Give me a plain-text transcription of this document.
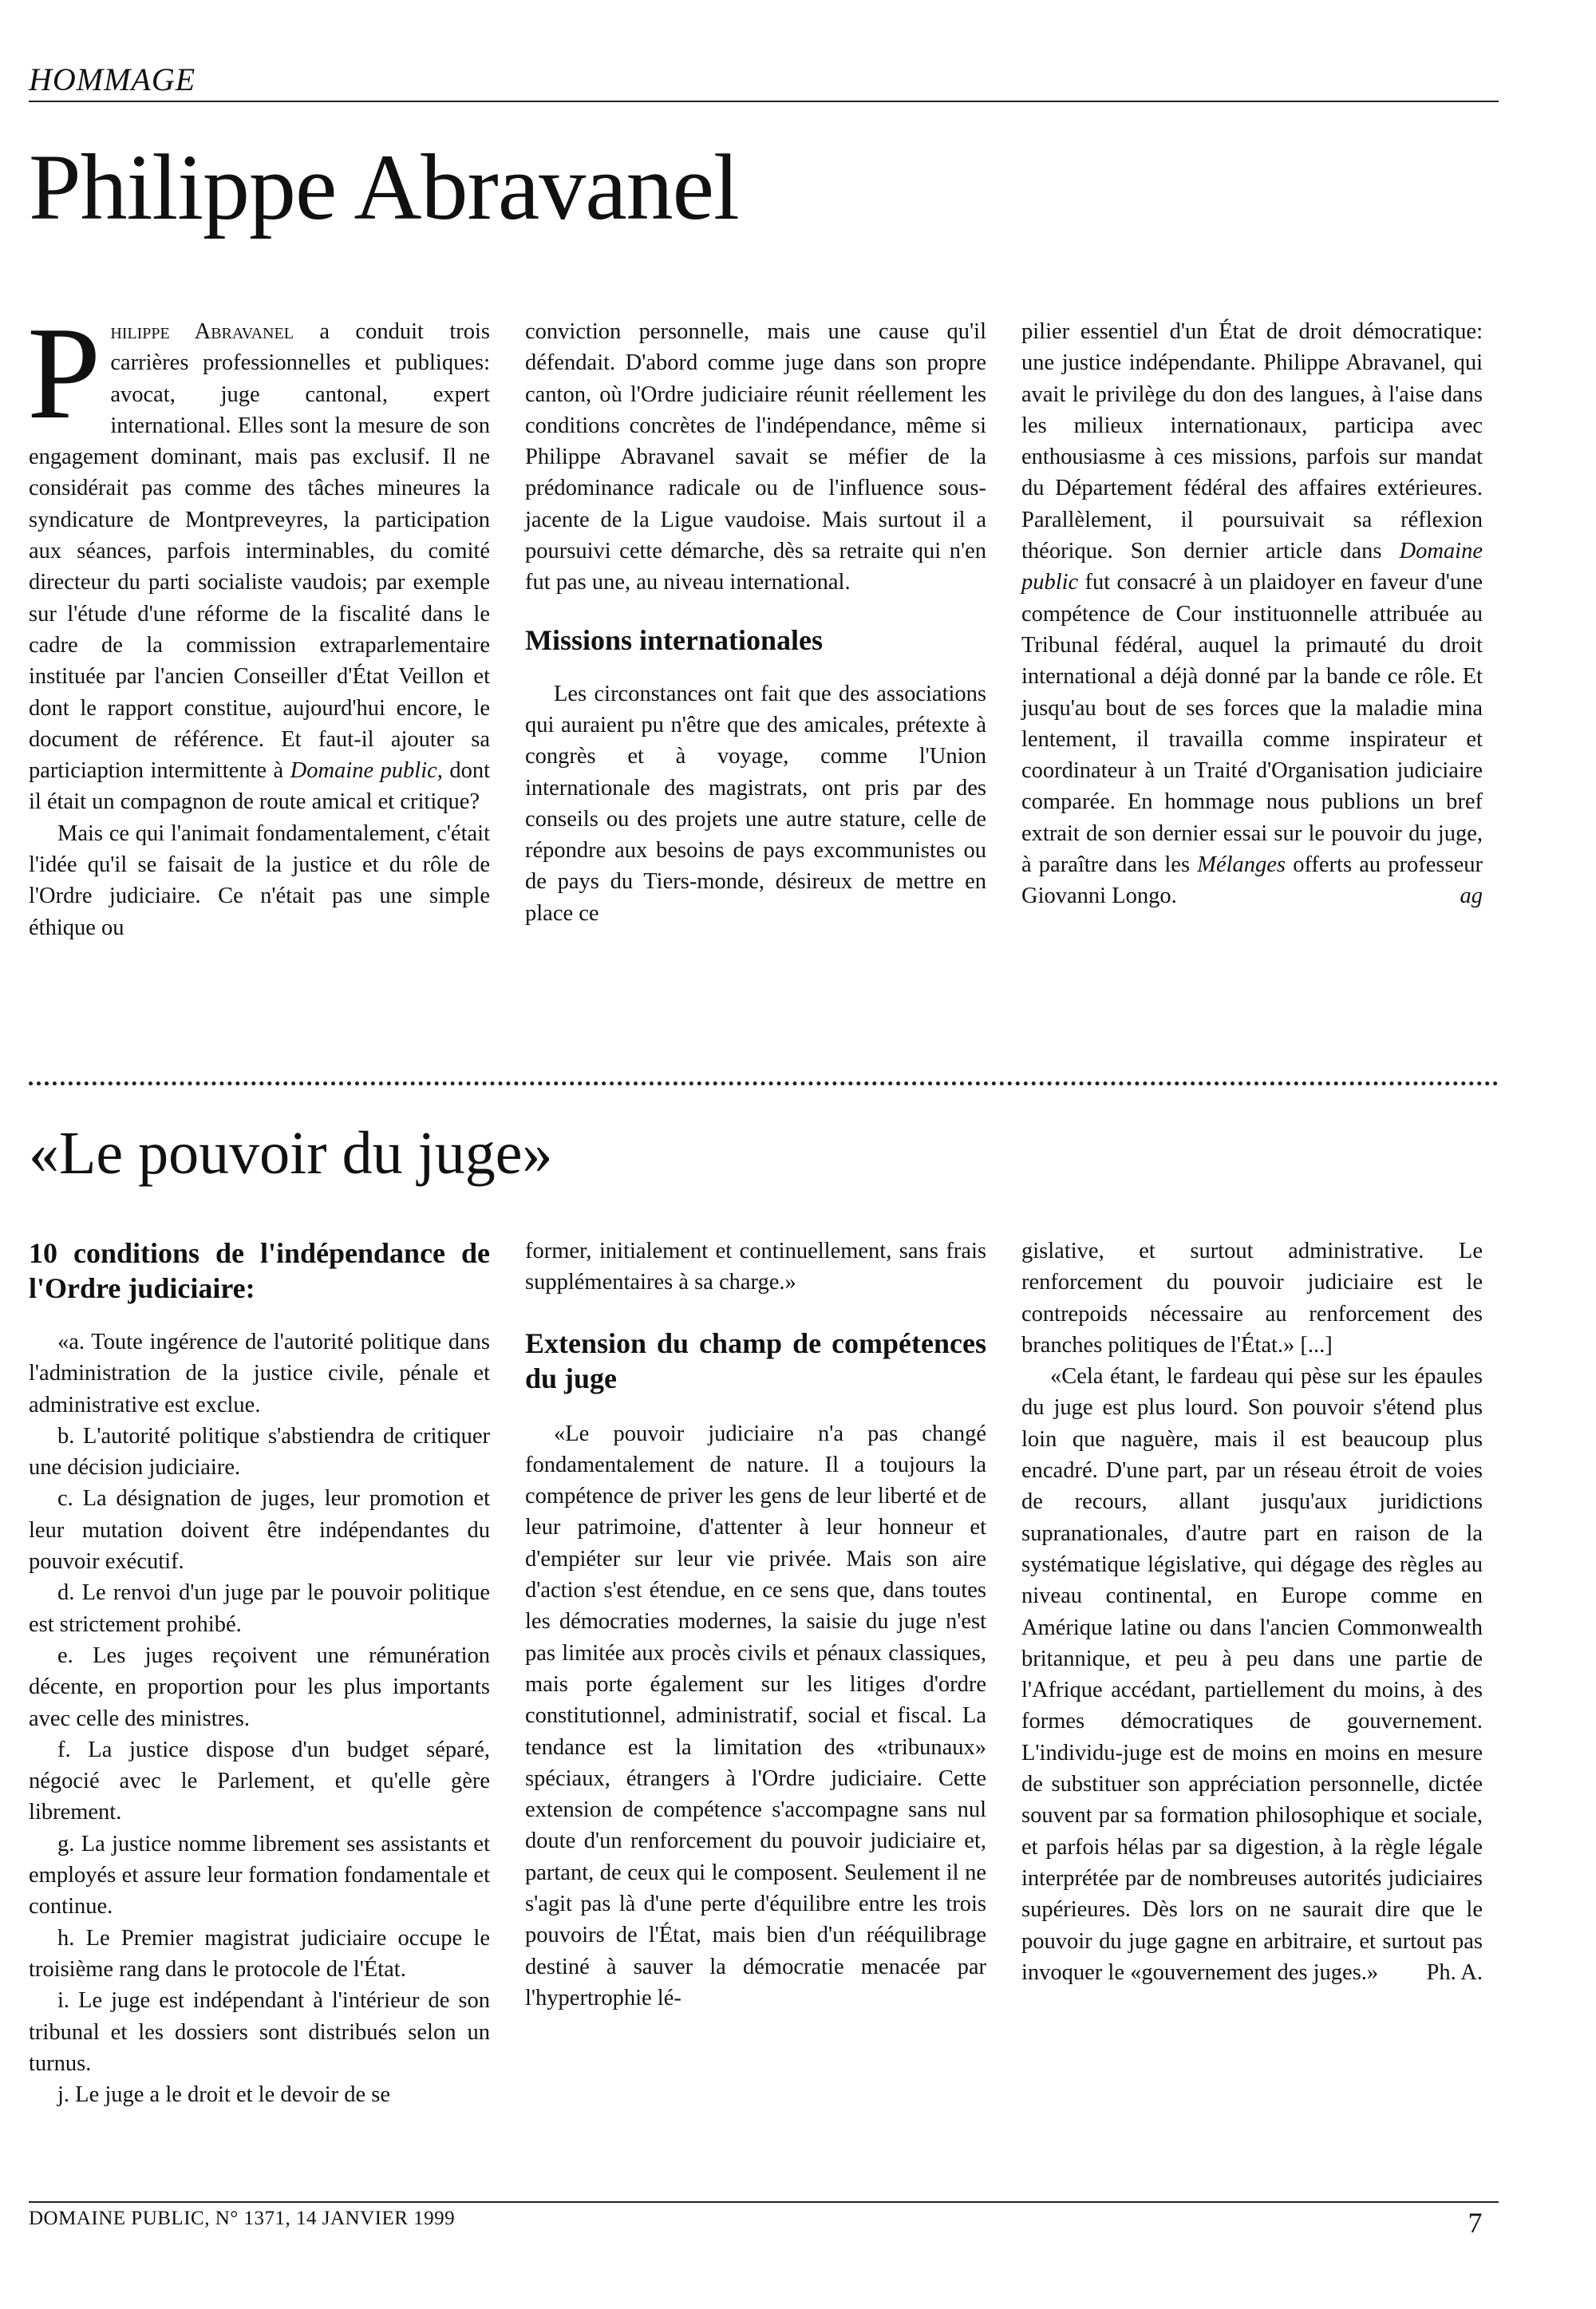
HOMMAGE
Philippe Abravanel

Philippe Abravanel a conduit trois carrières professionnelles et publiques: avocat, juge cantonal, expert international. Elles sont la mesure de son engagement dominant, mais pas exclusif. Il ne considérait pas comme des tâches mineures la syndicature de Montpreveyres, la participation aux séances, parfois interminables, du comité directeur du parti socialiste vaudois; par exemple sur l'étude d'une réforme de la fiscalité dans le cadre de la commission extraparlementaire instituée par l'ancien Conseiller d'État Veillon et dont le rapport constitue, aujourd'hui encore, le document de référence. Et faut-il ajouter sa particiaption intermittente à Domaine public, dont il était un compagnon de route amical et critique?

Mais ce qui l'animait fondamentalement, c'était l'idée qu'il se faisait de la justice et du rôle de l'Ordre judiciaire. Ce n'était pas une simple éthique ou

conviction personnelle, mais une cause qu'il défendait. D'abord comme juge dans son propre canton, où l'Ordre judiciaire réunit réellement les conditions concrètes de l'indépendance, même si Philippe Abravanel savait se méfier de la prédominance radicale ou de l'influence sous-jacente de la Ligue vaudoise. Mais surtout il a poursuivi cette démarche, dès sa retraite qui n'en fut pas une, au niveau international.

Missions internationales

Les circonstances ont fait que des associations qui auraient pu n'être que des amicales, prétexte à congrès et à voyage, comme l'Union internationale des magistrats, ont pris par des conseils ou des projets une autre stature, celle de répondre aux besoins de pays excommunistes ou de pays du Tiers-monde, désireux de mettre en place ce

pilier essentiel d'un État de droit démocratique: une justice indépendante. Philippe Abravanel, qui avait le privilège du don des langues, à l'aise dans les milieux internationaux, participa avec enthousiasme à ces missions, parfois sur mandat du Département fédéral des affaires extérieures. Parallèlement, il poursuivait sa réflexion théorique. Son dernier article dans Domaine public fut consacré à un plaidoyer en faveur d'une compétence de Cour instituonnelle attribuée au Tribunal fédéral, auquel la primauté du droit international a déjà donné par la bande ce rôle. Et jusqu'au bout de ses forces que la maladie mina lentement, il travailla comme inspirateur et coordinateur à un Traité d'Organisation judiciaire comparée. En hommage nous publions un bref extrait de son dernier essai sur le pouvoir du juge, à paraître dans les Mélanges offerts au professeur Giovanni Longo.	ag

«Le pouvoir du juge»
10 conditions de l'indépendance de l'Ordre judiciaire:

«a. Toute ingérence de l'autorité politique dans l'administration de la justice civile, pénale et administrative est exclue.

b. L'autorité politique s'abstiendra de critiquer une décision judiciaire.

c. La désignation de juges, leur promotion et leur mutation doivent être indépendantes du pouvoir exécutif.

d. Le renvoi d'un juge par le pouvoir politique est strictement prohibé.

e. Les juges reçoivent une rémunération décente, en proportion pour les plus importants avec celle des ministres.

f. La justice dispose d'un budget séparé, négocié avec le Parlement, et qu'elle gère librement.

g. La justice nomme librement ses assistants et employés et assure leur formation fondamentale et continue.

h. Le Premier magistrat judiciaire occupe le troisième rang dans le protocole de l'État.

i. Le juge est indépendant à l'intérieur de son tribunal et les dossiers sont distribués selon un turnus.

j. Le juge a le droit et le devoir de se

former, initialement et continuellement, sans frais supplémentaires à sa charge.»

Extension du champ de compétences du juge

«Le pouvoir judiciaire n'a pas changé fondamentalement de nature. Il a toujours la compétence de priver les gens de leur liberté et de leur patrimoine, d'attenter à leur honneur et d'empiéter sur leur vie privée. Mais son aire d'action s'est étendue, en ce sens que, dans toutes les démocraties modernes, la saisie du juge n'est pas limitée aux procès civils et pénaux classiques, mais porte également sur les litiges d'ordre constitutionnel, administratif, social et fiscal. La tendance est la limitation des «tribunaux» spéciaux, étrangers à l'Ordre judiciaire. Cette extension de compétence s'accompagne sans nul doute d'un renforcement du pouvoir judiciaire et, partant, de ceux qui le composent. Seulement il ne s'agit pas là d'une perte d'équilibre entre les trois pouvoirs de l'État, mais bien d'un rééquilibrage destiné à sauver la démocratie menacée par l'hypertrophie lé-

gislative, et surtout administrative. Le renforcement du pouvoir judiciaire est le contrepoids nécessaire au renforcement des branches politiques de l'État.» [...]

«Cela étant, le fardeau qui pèse sur les épaules du juge est plus lourd. Son pouvoir s'étend plus loin que naguère, mais il est beaucoup plus encadré. D'une part, par un réseau étroit de voies de recours, allant jusqu'aux juridictions supranationales, d'autre part en raison de la systématique législative, qui dégage des règles au niveau continental, en Europe comme en Amérique latine ou dans l'ancien Commonwealth britannique, et peu à peu dans une partie de l'Afrique accédant, partiellement du moins, à des formes démocratiques de gouvernement. L'individu-juge est de moins en moins en mesure de substituer son appréciation personnelle, dictée souvent par sa formation philosophique et sociale, et parfois hélas par sa digestion, à la règle légale interprétée par de nombreuses autorités judiciaires supérieures. Dès lors on ne saurait dire que le pouvoir du juge gagne en arbitraire, et surtout pas invoquer le «gouvernement des juges.»	Ph. A.

DOMAINE PUBLIC, N° 1371, 14 JANVIER 1999	7
